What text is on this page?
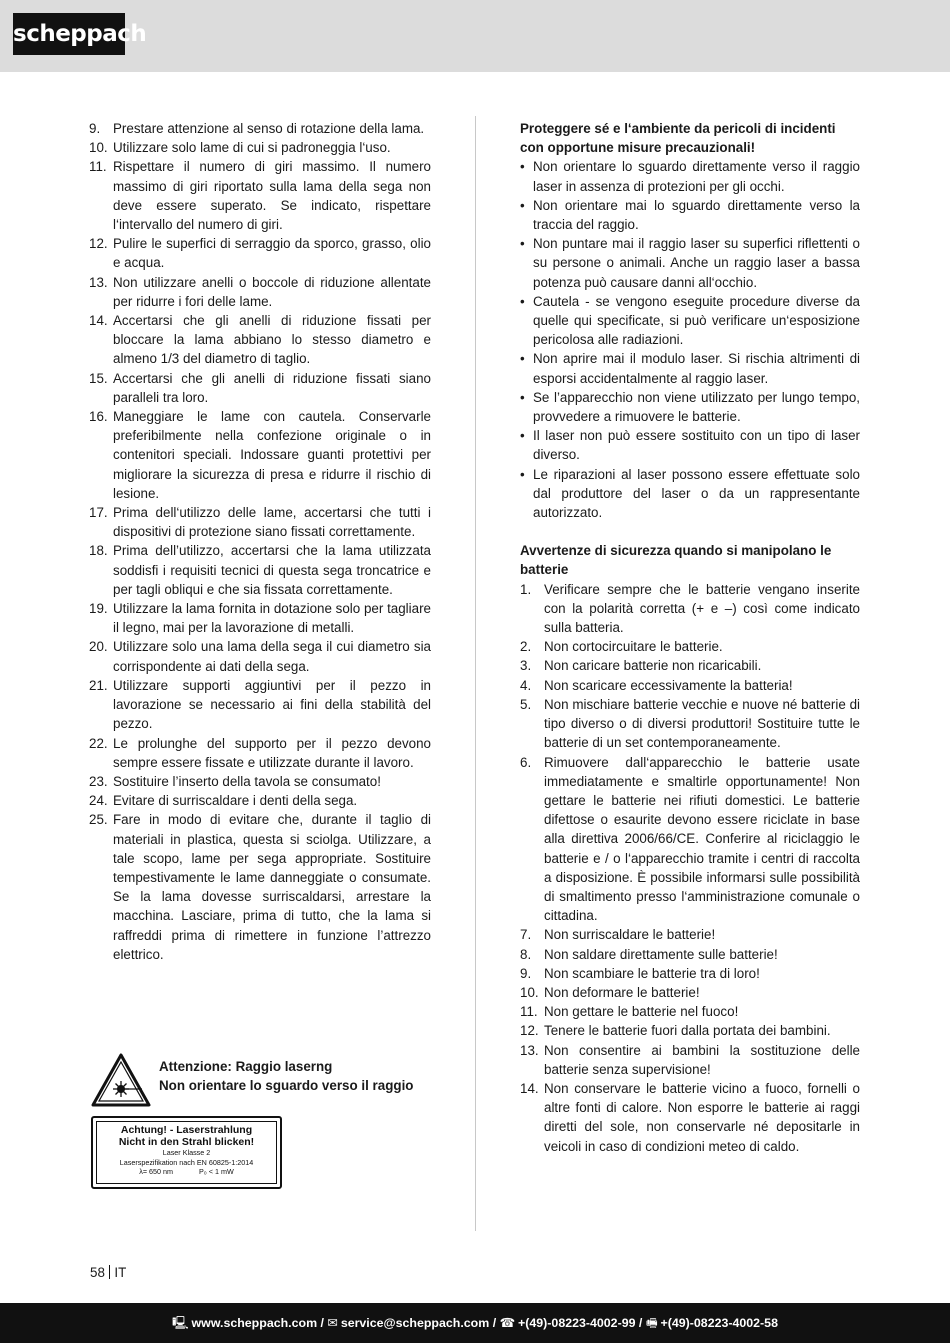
scheppach
9. Prestare attenzione al senso di rotazione della lama.
10. Utilizzare solo lame di cui si padroneggia l‘uso.
11. Rispettare il numero di giri massimo. Il numero massimo di giri riportato sulla lama della sega non deve essere superato. Se indicato, rispettare l‘intervallo del numero di giri.
12. Pulire le superfici di serraggio da sporco, grasso, olio e acqua.
13. Non utilizzare anelli o boccole di riduzione allentate per ridurre i fori delle lame.
14. Accertarsi che gli anelli di riduzione fissati per bloccare la lama abbiano lo stesso diametro e almeno 1/3 del diametro di taglio.
15. Accertarsi che gli anelli di riduzione fissati siano paralleli tra loro.
16. Maneggiare le lame con cautela. Conservarle preferibilmente nella confezione originale o in contenitori speciali. Indossare guanti protettivi per migliorare la sicurezza di presa e ridurre il rischio di lesione.
17. Prima dell‘utilizzo delle lame, accertarsi che tutti i dispositivi di protezione siano fissati correttamente.
18. Prima dell’utilizzo, accertarsi che la lama utilizzata soddisfi i requisiti tecnici di questa sega troncatrice e per tagli obliqui e che sia fissata correttamente.
19. Utilizzare la lama fornita in dotazione solo per tagliare il legno, mai per la lavorazione di metalli.
20. Utilizzare solo una lama della sega il cui diametro sia corrispondente ai dati della sega.
21. Utilizzare supporti aggiuntivi per il pezzo in lavorazione se necessario ai fini della stabilità del pezzo.
22. Le prolunghe del supporto per il pezzo devono sempre essere fissate e utilizzate durante il lavoro.
23. Sostituire l’inserto della tavola se consumato!
24. Evitare di surriscaldare i denti della sega.
25. Fare in modo di evitare che, durante il taglio di materiali in plastica, questa si sciolga. Utilizzare, a tale scopo, lame per sega appropriate. Sostituire tempestivamente le lame danneggiate o consumate. Se la lama dovesse surriscaldarsi, arrestare la macchina. Lasciare, prima di tutto, che la lama si raffreddi prima di rimettere in funzione l’attrezzo elettrico.
Attenzione: Raggio laserng
Non orientare lo sguardo verso il raggio
Achtung! - Laserstrahlung
Nicht in den Strahl blicken!
Laser Klasse 2
Laserspezifikation nach EN 60825-1:2014
λ= 650 nm	P₀ < 1 mW

Proteggere sé e l‘ambiente da pericoli di incidenti con opportune misure precauzionali!

• Non orientare lo sguardo direttamente verso il raggio laser in assenza di protezioni per gli occhi.
• Non orientare mai lo sguardo direttamente verso la traccia del raggio.
• Non puntare mai il raggio laser su superfici riflettenti o su persone o animali. Anche un raggio laser a bassa potenza può causare danni all‘occhio.
• Cautela - se vengono eseguite procedure diverse da quelle qui specificate, si può verificare un‘esposizione pericolosa alle radiazioni.
• Non aprire mai il modulo laser. Si rischia altrimenti di esporsi accidentalmente al raggio laser.
• Se l’apparecchio non viene utilizzato per lungo tempo, provvedere a rimuovere le batterie.
• Il laser non può essere sostituito con un tipo di laser diverso.
• Le riparazioni al laser possono essere effettuate solo dal produttore del laser o da un rappresentante autorizzato.

Avvertenze di sicurezza quando si manipolano le batterie

1. Verificare sempre che le batterie vengano inserite con la polarità corretta (+ e –) così come indicato sulla batteria.
2. Non cortocircuitare le batterie.
3. Non caricare batterie non ricaricabili.
4. Non scaricare eccessivamente la batteria!
5. Non mischiare batterie vecchie e nuove né batterie di tipo diverso o di diversi produttori! Sostituire tutte le batterie di un set contemporaneamente.
6. Rimuovere dall‘apparecchio le batterie usate immediatamente e smaltirle opportunamente! Non gettare le batterie nei rifiuti domestici. Le batterie difettose o esaurite devono essere riciclate in base alla direttiva 2006/66/CE. Conferire al riciclaggio le batterie e / o l‘apparecchio tramite i centri di raccolta a disposizione. È possibile informarsi sulle possibilità di smaltimento presso l‘amministrazione comunale o cittadina.
7. Non surriscaldare le batterie!
8. Non saldare direttamente sulle batterie!
9. Non scambiare le batterie tra di loro!
10. Non deformare le batterie!
11. Non gettare le batterie nel fuoco!
12. Tenere le batterie fuori dalla portata dei bambini.
13. Non consentire ai bambini la sostituzione delle batterie senza supervisione!
14. Non conservare le batterie vicino a fuoco, fornelli o altre fonti di calore. Non esporre le batterie ai raggi diretti del sole, non conservarle né depositarle in veicoli in caso di condizioni meteo di caldo.
58 IT
🖳 www.scheppach.com / ✉ service@scheppach.com / ☎ +(49)-08223-4002-99 / 🖷 +(49)-08223-4002-58
